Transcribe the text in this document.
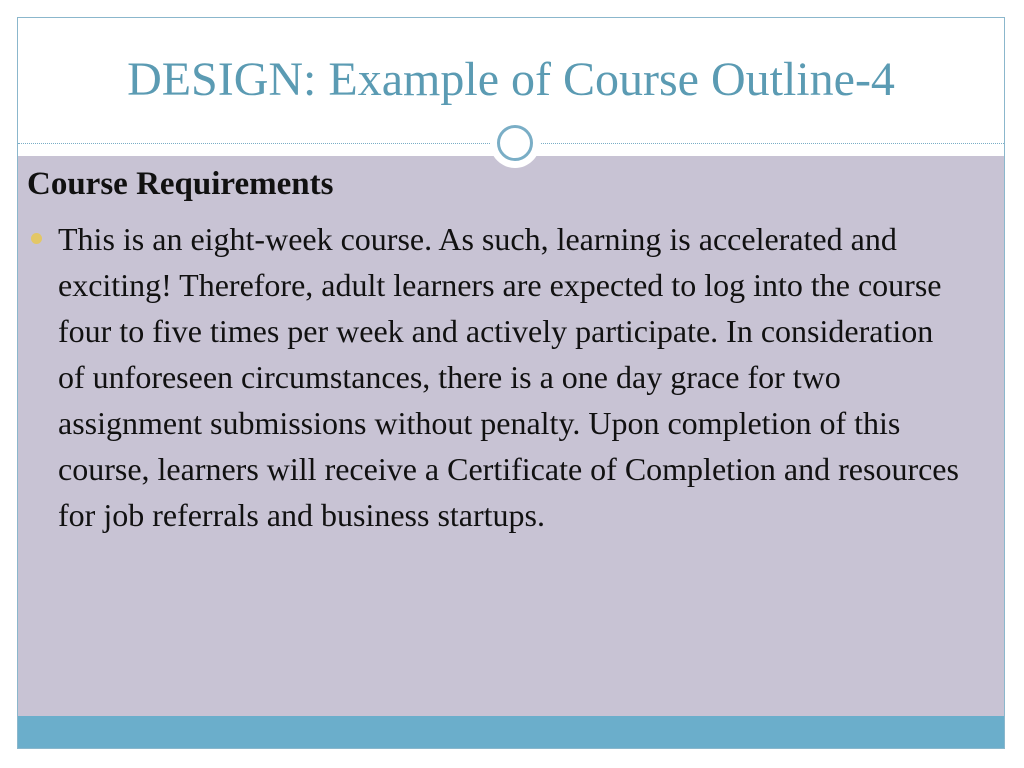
DESIGN: Example of Course Outline-4
Course Requirements
This is an eight-week course. As such, learning is accelerated and exciting! Therefore, adult learners are expected to log into the course four to five times per week and actively participate. In consideration of unforeseen circumstances, there is a one day grace for two assignment submissions without penalty. Upon completion of this course, learners will receive a Certificate of Completion and resources for job referrals and business startups.
